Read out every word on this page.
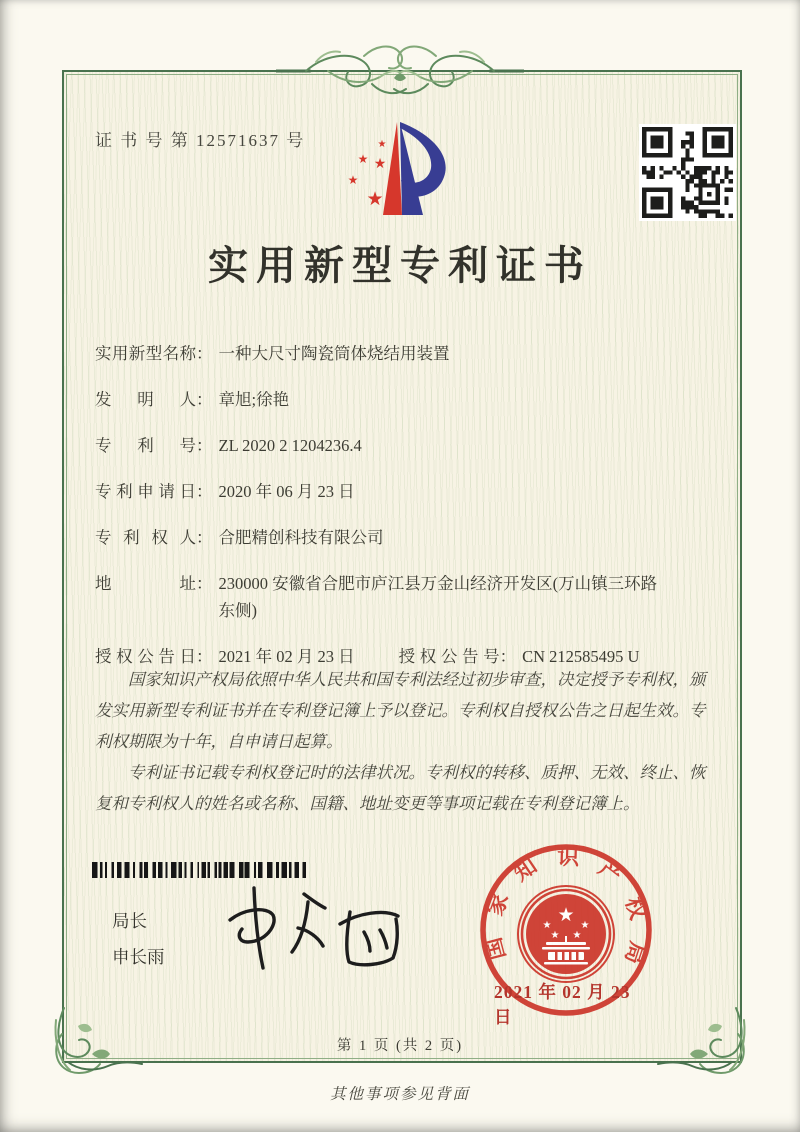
证 书 号 第 12571637 号	★
★ ★
★
★
实用新型专利证书
实用新型名称 ： 一种大尺寸陶瓷筒体烧结用装置
发明人 ： 章旭;徐艳
专利号 ： ZL 2020 2 1204236.4
专利申请日 ： 2020 年 06 月 23 日
专利权人 ： 合肥精创科技有限公司
地址 ： 230000 安徽省合肥市庐江县万金山经济开发区(万山镇三环路东侧)
授权公告日 ： 2021 年 02 月 23 日	授权公告号 ： CN 212585495 U

国家知识产权局依照中华人民共和国专利法经过初步审查，决定授予专利权，颁发实用新型专利证书并在专利登记簿上予以登记。专利权自授权公告之日起生效。专利权期限为十年，自申请日起算。

专利证书记载专利权登记时的法律状况。专利权的转移、质押、无效、终止、恢复和专利权人的姓名或名称、国籍、地址变更等事项记载在专利登记簿上。

局长
申长雨	国家知识产权局
★
★	★
★ ★
2021 年 02 月 23 日
第 1 页 (共 2 页)
其他事项参见背面
